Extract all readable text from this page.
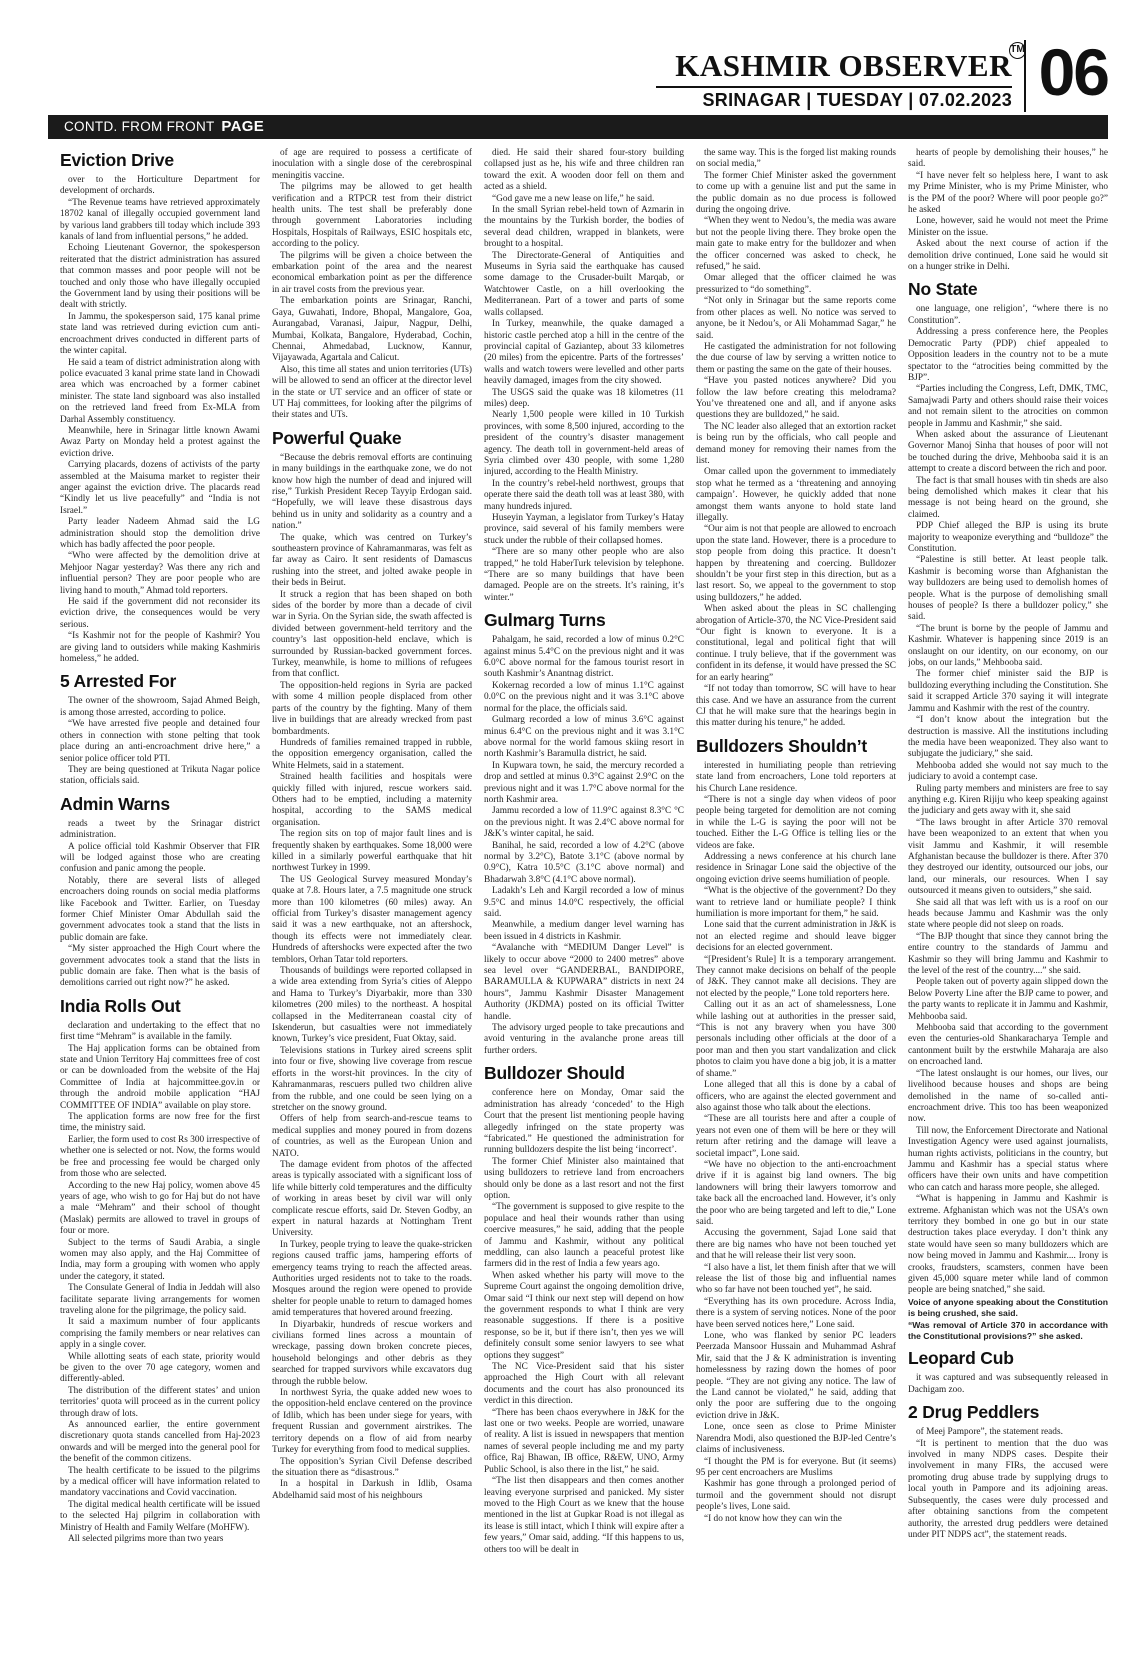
KASHMIR OBSERVER
TM
SRINAGAR | TUESDAY | 07.02.2023 06
CONTD. FROM FRONT PAGE
Eviction Drive

over to the Horticulture Department for development of orchards.

“The Revenue teams have retrieved approximately 18702 kanal of illegally occupied government land by various land grabbers till today which include 393 kanals of land from influential persons,” he added.

Echoing Lieutenant Governor, the spokesperson reiterated that the district administration has assured that common masses and poor people will not be touched and only those who have illegally occupied the Government land by using their positions will be dealt with strictly.

In Jammu, the spokesperson said, 175 kanal prime state land was retrieved during eviction cum anti- encroachment drives conducted in different parts of the winter capital.

He said a team of district administration along with police evacuated 3 kanal prime state land in Chowadi area which was encroached by a former cabinet minister. The state land signboard was also installed on the retrieved land freed from Ex-MLA from Darhal Assembly constituency.

Meanwhile, here in Srinagar little known Awami Awaz Party on Monday held a protest against the eviction drive.

Carrying placards, dozens of activists of the party assembled at the Maisuma market to register their anger against the eviction drive. The placards read “Kindly let us live peacefully” and “India is not Israel.”

Party leader Nadeem Ahmad said the LG administration should stop the demolition drive which has badly affected the poor people.

“Who were affected by the demolition drive at Mehjoor Nagar yesterday? Was there any rich and influential person? They are poor people who are living hand to mouth,” Ahmad told reporters.

He said if the government did not reconsider its eviction drive, the consequences would be very serious.

“Is Kashmir not for the people of Kashmir? You are giving land to outsiders while making Kashmiris homeless,” he added.

5 Arrested For

The owner of the showroom, Sajad Ahmed Beigh, is among those arrested, according to police.

“We have arrested five people and detained four others in connection with stone pelting that took place during an anti-encroachment drive here,” a senior police officer told PTI.

They are being questioned at Trikuta Nagar police station, officials said.

Admin Warns

reads a tweet by the Srinagar district administration.

A police official told Kashmir Observer that FIR will be lodged against those who are creating confusion and panic among the people.

Notably, there are several lists of alleged encroachers doing rounds on social media platforms like Facebook and Twitter. Earlier, on Tuesday former Chief Minister Omar Abdullah said the government advocates took a stand that the lists in public domain are fake.

“My sister approached the High Court where the government advocates took a stand that the lists in public domain are fake. Then what is the basis of demolitions carried out right now?” he asked.

India Rolls Out

declaration and undertaking to the effect that no first time “Mehram” is available in the family.

The Haj application forms can be obtained from state and Union Territory Haj committees free of cost or can be downloaded from the website of the Haj Committee of India at hajcommittee.gov.in or through the android mobile application “HAJ COMMITTEE OF INDIA” available on play store.

The application forms are now free for the first time, the ministry said.

Earlier, the form used to cost Rs 300 irrespective of whether one is selected or not. Now, the forms would be free and processing fee would be charged only from those who are selected.

According to the new Haj policy, women above 45 years of age, who wish to go for Haj but do not have a male “Mehram” and their school of thought (Maslak) permits are allowed to travel in groups of four or more.

Subject to the terms of Saudi Arabia, a single women may also apply, and the Haj Committee of India, may form a grouping with women who apply under the category, it stated.

The Consulate General of India in Jeddah will also facilitate separate living arrangements for women traveling alone for the pilgrimage, the policy said.

It said a maximum number of four applicants comprising the family members or near relatives can apply in a single cover.

While allotting seats of each state, priority would be given to the over 70 age category, women and differently-abled.

The distribution of the different states’ and union territories’ quota will proceed as in the current policy through draw of lots.

As announced earlier, the entire government discretionary quota stands cancelled from Haj-2023 onwards and will be merged into the general pool for the benefit of the common citizens.

The health certificate to be issued to the pilgrims by a medical officer will have information related to mandatory vaccinations and Covid vaccination.

The digital medical health certificate will be issued to the selected Haj pilgrim in collaboration with Ministry of Health and Family Welfare (MoHFW).

All selected pilgrims more than two years

of age are required to possess a certificate of inoculation with a single dose of the cerebrospinal meningitis vaccine.

The pilgrims may be allowed to get health verification and a RTPCR test from their district health units. The test shall be preferably done through government Laboratories including Hospitals, Hospitals of Railways, ESIC hospitals etc, according to the policy.

The pilgrims will be given a choice between the embarkation point of the area and the nearest economical embarkation point as per the difference in air travel costs from the previous year.

The embarkation points are Srinagar, Ranchi, Gaya, Guwahati, Indore, Bhopal, Mangalore, Goa, Aurangabad, Varanasi, Jaipur, Nagpur, Delhi, Mumbai, Kolkata, Bangalore, Hyderabad, Cochin, Chennai, Ahmedabad, Lucknow, Kannur, Vijayawada, Agartala and Calicut.

Also, this time all states and union territories (UTs) will be allowed to send an officer at the director level in the state or UT service and an officer of state or UT Haj committees, for looking after the pilgrims of their states and UTs.

Powerful Quake

“Because the debris removal efforts are continuing in many buildings in the earthquake zone, we do not know how high the number of dead and injured will rise,” Turkish President Recep Tayyip Erdogan said. “Hopefully, we will leave these disastrous days behind us in unity and solidarity as a country and a nation.”

The quake, which was centred on Turkey’s southeastern province of Kahramanmaras, was felt as far away as Cairo. It sent residents of Damascus rushing into the street, and jolted awake people in their beds in Beirut.

It struck a region that has been shaped on both sides of the border by more than a decade of civil war in Syria. On the Syrian side, the swath affected is divided between government-held territory and the country’s last opposition-held enclave, which is surrounded by Russian-backed government forces. Turkey, meanwhile, is home to millions of refugees from that conflict.

The opposition-held regions in Syria are packed with some 4 million people displaced from other parts of the country by the fighting. Many of them live in buildings that are already wrecked from past bombardments.

Hundreds of families remained trapped in rubble, the opposition emergency organisation, called the White Helmets, said in a statement.

Strained health facilities and hospitals were quickly filled with injured, rescue workers said. Others had to be emptied, including a maternity hospital, according to the SAMS medical organisation.

The region sits on top of major fault lines and is frequently shaken by earthquakes. Some 18,000 were killed in a similarly powerful earthquake that hit northwest Turkey in 1999.

The US Geological Survey measured Monday’s quake at 7.8. Hours later, a 7.5 magnitude one struck more than 100 kilometres (60 miles) away. An official from Turkey’s disaster management agency said it was a new earthquake, not an aftershock, though its effects were not immediately clear. Hundreds of aftershocks were expected after the two temblors, Orhan Tatar told reporters.

Thousands of buildings were reported collapsed in a wide area extending from Syria’s cities of Aleppo and Hama to Turkey’s Diyarbakir, more than 330 kilometres (200 miles) to the northeast. A hospital collapsed in the Mediterranean coastal city of Iskenderun, but casualties were not immediately known, Turkey’s vice president, Fuat Oktay, said.

Televisions stations in Turkey aired screens split into four or five, showing live coverage from rescue efforts in the worst-hit provinces. In the city of Kahramanmaras, rescuers pulled two children alive from the rubble, and one could be seen lying on a stretcher on the snowy ground.

Offers of help from search-and-rescue teams to medical supplies and money poured in from dozens of countries, as well as the European Union and NATO.

The damage evident from photos of the affected areas is typically associated with a significant loss of life while bitterly cold temperatures and the difficulty of working in areas beset by civil war will only complicate rescue efforts, said Dr. Steven Godby, an expert in natural hazards at Nottingham Trent University.

In Turkey, people trying to leave the quake-stricken regions caused traffic jams, hampering efforts of emergency teams trying to reach the affected areas. Authorities urged residents not to take to the roads. Mosques around the region were opened to provide shelter for people unable to return to damaged homes amid temperatures that hovered around freezing.

In Diyarbakir, hundreds of rescue workers and civilians formed lines across a mountain of wreckage, passing down broken concrete pieces, household belongings and other debris as they searched for trapped survivors while excavators dug through the rubble below.

In northwest Syria, the quake added new woes to the opposition-held enclave centered on the province of Idlib, which has been under siege for years, with frequent Russian and government airstrikes. The territory depends on a flow of aid from nearby Turkey for everything from food to medical supplies.

The opposition’s Syrian Civil Defense described the situation there as “disastrous.”

In a hospital in Darkush in Idlib, Osama Abdelhamid said most of his neighbours

died. He said their shared four-story building collapsed just as he, his wife and three children ran toward the exit. A wooden door fell on them and acted as a shield.

“God gave me a new lease on life,” he said.

In the small Syrian rebel-held town of Azmarin in the mountains by the Turkish border, the bodies of several dead children, wrapped in blankets, were brought to a hospital.

The Directorate-General of Antiquities and Museums in Syria said the earthquake has caused some damage to the Crusader-built Marqab, or Watchtower Castle, on a hill overlooking the Mediterranean. Part of a tower and parts of some walls collapsed.

In Turkey, meanwhile, the quake damaged a historic castle perched atop a hill in the centre of the provincial capital of Gaziantep, about 33 kilometres (20 miles) from the epicentre. Parts of the fortresses’ walls and watch towers were levelled and other parts heavily damaged, images from the city showed.

The USGS said the quake was 18 kilometres (11 miles) deep.

Nearly 1,500 people were killed in 10 Turkish provinces, with some 8,500 injured, according to the president of the country’s disaster management agency. The death toll in government-held areas of Syria climbed over 430 people, with some 1,280 injured, according to the Health Ministry.

In the country’s rebel-held northwest, groups that operate there said the death toll was at least 380, with many hundreds injured.

Huseyin Yayman, a legislator from Turkey’s Hatay province, said several of his family members were stuck under the rubble of their collapsed homes.

“There are so many other people who are also trapped,” he told HaberTurk television by telephone. “There are so many buildings that have been damaged. People are on the streets. It’s raining, it’s winter.”

Gulmarg Turns

Pahalgam, he said, recorded a low of minus 0.2°C against minus 5.4°C on the previous night and it was 6.0°C above normal for the famous tourist resort in south Kashmir’s Anantnag district.

Kokernag recorded a low of minus 1.1°C against 0.0°C on the previous night and it was 3.1°C above normal for the place, the officials said.

Gulmarg recorded a low of minus 3.6°C against minus 6.4°C on the previous night and it was 3.1°C above normal for the world famous skiing resort in north Kashmir’s Baramulla district, he said.

In Kupwara town, he said, the mercury recorded a drop and settled at minus 0.3°C against 2.9°C on the previous night and it was 1.7°C above normal for the north Kashmir area.

Jammu recorded a low of 11.9°C against 8.3°C °C on the previous night. It was 2.4°C above normal for J&K’s winter capital, he said.

Banihal, he said, recorded a low of 4.2°C (above normal by 3.2°C), Batote 3.1°C (above normal by 0.9°C), Katra 10.5°C (3.1°C above normal) and Bhadarwah 3.8°C (4.1°C above normal).

Ladakh’s Leh and Kargil recorded a low of minus 9.5°C and minus 14.0°C respectively, the official said.

Meanwhile, a medium danger level warning has been issued in 4 districts in Kashmir.

“Avalanche with “MEDIUM Danger Level” is likely to occur above “2000 to 2400 metres” above sea level over “GANDERBAL, BANDIPORE, BARAMULLA & KUPWARA” districts in next 24 hours”, Jammu Kashmir Disaster Management Authority (JKDMA) posted on its official Twitter handle.

The advisory urged people to take precautions and avoid venturing in the avalanche prone areas till further orders.

Bulldozer Should

conference here on Monday, Omar said the administration has already ‘conceded’ to the High Court that the present list mentioning people having allegedly infringed on the state property was “fabricated.” He questioned the administration for running bulldozers despite the list being ‘incorrect’.

The former Chief Minister also maintained that using bulldozers to retrieve land from encroachers should only be done as a last resort and not the first option.

“The government is supposed to give respite to the populace and heal their wounds rather than using coercive measures,” he said, adding that the people of Jammu and Kashmir, without any political meddling, can also launch a peaceful protest like farmers did in the rest of India a few years ago.

When asked whether his party will move to the Supreme Court against the ongoing demolition drive, Omar said “I think our next step will depend on how the government responds to what I think are very reasonable suggestions. If there is a positive response, so be it, but if there isn’t, then yes we will definitely consult some senior lawyers to see what options they suggest”

The NC Vice-President said that his sister approached the High Court with all relevant documents and the court has also pronounced its verdict in this direction.

“There has been chaos everywhere in J&K for the last one or two weeks. People are worried, unaware of reality. A list is issued in newspapers that mention names of several people including me and my party office, Raj Bhawan, IB office, R&EW, UNO, Army Public School, is also there in the list,” he said.

“The list then disappears and then comes another leaving everyone surprised and panicked. My sister moved to the High Court as we knew that the house mentioned in the list at Gupkar Road is not illegal as its lease is still intact, which I think will expire after a few years,” Omar said, adding. “If this happens to us, others too will be dealt in

the same way. This is the forged list making rounds on social media,”

The former Chief Minister asked the government to come up with a genuine list and put the same in the public domain as no due process is followed during the ongoing drive.

“When they went to Nedou’s, the media was aware but not the people living there. They broke open the main gate to make entry for the bulldozer and when the officer concerned was asked to check, he refused,” he said.

Omar alleged that the officer claimed he was pressurized to “do something”.

“Not only in Srinagar but the same reports come from other places as well. No notice was served to anyone, be it Nedou’s, or Ali Mohammad Sagar,” he said.

He castigated the administration for not following the due course of law by serving a written notice to them or pasting the same on the gate of their houses.

“Have you pasted notices anywhere? Did you follow the law before creating this melodrama? You’ve threatened one and all, and if anyone asks questions they are bulldozed,” he said.

The NC leader also alleged that an extortion racket is being run by the officials, who call people and demand money for removing their names from the list.

Omar called upon the government to immediately stop what he termed as a ‘threatening and annoying campaign’. However, he quickly added that none amongst them wants anyone to hold state land illegally.

“Our aim is not that people are allowed to encroach upon the state land. However, there is a procedure to stop people from doing this practice. It doesn’t happen by threatening and coercing. Bulldozer shouldn’t be your first step in this direction, but as a last resort. So, we appeal to the government to stop using bulldozers,” he added.

When asked about the pleas in SC challenging abrogation of Article-370, the NC Vice-President said “Our fight is known to everyone. It is a constitutional, legal and political fight that will continue. I truly believe, that if the government was confident in its defense, it would have pressed the SC for an early hearing”

“If not today than tomorrow, SC will have to hear this case. And we have an assurance from the current CJ that he will make sure that the hearings begin in this matter during his tenure,” he added.

Bulldozers Shouldn’t

interested in humiliating people than retrieving state land from encroachers, Lone told reporters at his Church Lane residence.

“There is not a single day when videos of poor people being targeted for demolition are not coming in while the L-G is saying the poor will not be touched. Either the L-G Office is telling lies or the videos are fake.

Addressing a news conference at his church lane residence in Srinagar Lone said the objective of the ongoing eviction drive seems humiliation of people.

“What is the objective of the government? Do they want to retrieve land or humiliate people? I think humiliation is more important for them,” he said.

Lone said that the current administration in J&K is not an elected regime and should leave bigger decisions for an elected government.

“[President’s Rule] It is a temporary arrangement. They cannot make decisions on behalf of the people of J&K. They cannot make all decisions. They are not elected by the people,” Lone told reporters here.

Calling out it as an act of shamelessness, Lone while lashing out at authorities in the presser said, “This is not any bravery when you have 300 personals including other officials at the door of a poor man and then you start vandalization and click photos to claim you have done a big job, it is a matter of shame.”

Lone alleged that all this is done by a cabal of officers, who are against the elected government and also against those who talk about the elections.

“These are all tourists here and after a couple of years not even one of them will be here or they will return after retiring and the damage will leave a societal impact”, Lone said.

“We have no objection to the anti-encroachment drive if it is against big land owners. The big landowners will bring their lawyers tomorrow and take back all the encroached land. However, it’s only the poor who are being targeted and left to die,” Lone said.

Accusing the government, Sajad Lone said that there are big names who have not been touched yet and that he will release their list very soon.

“I also have a list, let them finish after that we will release the list of those big and influential names who so far have not been touched yet”, he said.

“Everything has its own procedure. Across India, there is a system of serving notices. None of the poor have been served notices here,” Lone said.

Lone, who was flanked by senior PC leaders Peerzada Mansoor Hussain and Muhammad Ashraf Mir, said that the J & K administration is inventing homelessness by razing down the homes of poor people. “They are not giving any notice. The law of the Land cannot be violated,” he said, adding that only the poor are suffering due to the ongoing eviction drive in J&K.

Lone, once seen as close to Prime Minister Narendra Modi, also questioned the BJP-led Centre’s claims of inclusiveness.

“I thought the PM is for everyone. But (it seems) 95 per cent encroachers are Muslims

Kashmir has gone through a prolonged period of turmoil and the government should not disrupt people’s lives, Lone said.

“I do not know how they can win the

hearts of people by demolishing their houses,” he said.

“I have never felt so helpless here, I want to ask my Prime Minister, who is my Prime Minister, who is the PM of the poor? Where will poor people go?” he asked

Lone, however, said he would not meet the Prime Minister on the issue.

Asked about the next course of action if the demolition drive continued, Lone said he would sit on a hunger strike in Delhi.

No State

one language, one religion’, “where there is no Constitution”.

Addressing a press conference here, the Peoples Democratic Party (PDP) chief appealed to Opposition leaders in the country not to be a mute spectator to the “atrocities being committed by the BJP”.

“Parties including the Congress, Left, DMK, TMC, Samajwadi Party and others should raise their voices and not remain silent to the atrocities on common people in Jammu and Kashmir,” she said.

When asked about the assurance of Lieutenant Governor Manoj Sinha that houses of poor will not be touched during the drive, Mehbooba said it is an attempt to create a discord between the rich and poor.

The fact is that small houses with tin sheds are also being demolished which makes it clear that his message is not being heard on the ground, she claimed.

PDP Chief alleged the BJP is using its brute majority to weaponize everything and “bulldoze” the Constitution.

“Palestine is still better. At least people talk. Kashmir is becoming worse than Afghanistan the way bulldozers are being used to demolish homes of people. What is the purpose of demolishing small houses of people? Is there a bulldozer policy,” she said.

“The brunt is borne by the people of Jammu and Kashmir. Whatever is happening since 2019 is an onslaught on our identity, on our economy, on our jobs, on our lands,” Mehbooba said.

The former chief minister said the BJP is bulldozing everything including the Constitution. She said it scrapped Article 370 saying it will integrate Jammu and Kashmir with the rest of the country.

“I don’t know about the integration but the destruction is massive. All the institutions including the media have been weaponized. They also want to subjugate the judiciary,” she said.

Mehbooba added she would not say much to the judiciary to avoid a contempt case.

Ruling party members and ministers are free to say anything e.g. Kiren Rijiju who keep speaking against the judiciary and gets away with it, she said

“The laws brought in after Article 370 removal have been weaponized to an extent that when you visit Jammu and Kashmir, it will resemble Afghanistan because the bulldozer is there. After 370 they destroyed our identity, outsourced our jobs, our land, our minerals, our resources. When I say outsourced it means given to outsiders,” she said.

She said all that was left with us is a roof on our heads because Jammu and Kashmir was the only state where people did not sleep on roads.

“The BJP thought that since they cannot bring the entire country to the standards of Jammu and Kashmir so they will bring Jammu and Kashmir to the level of the rest of the country....” she said.

People taken out of poverty again slipped down the Below Poverty Line after the BJP came to power, and the party wants to replicate it in Jammu and Kashmir, Mehbooba said.

Mehbooba said that according to the government even the centuries-old Shankaracharya Temple and cantonment built by the erstwhile Maharaja are also on encroached land.

“The latest onslaught is our homes, our lives, our livelihood because houses and shops are being demolished in the name of so-called anti-encroachment drive. This too has been weaponized now.

Till now, the Enforcement Directorate and National Investigation Agency were used against journalists, human rights activists, politicians in the country, but Jammu and Kashmir has a special status where officers have their own units and have competition who can catch and harass more people, she alleged.

“What is happening in Jammu and Kashmir is extreme. Afghanistan which was not the USA’s own territory they bombed in one go but in our state destruction takes place everyday. I don’t think any state would have seen so many bulldozers which are now being moved in Jammu and Kashmir.... Irony is crooks, fraudsters, scamsters, conmen have been given 45,000 square meter while land of common people are being snatched,” she said.

Voice of anyone speaking about the Constitution is being crushed, she said.

“Was removal of Article 370 in accordance with the Constitutional provisions?” she asked.

Leopard Cub

it was captured and was subsequently released in Dachigam zoo.

2 Drug Peddlers

of Meej Pampore”, the statement reads.

“It is pertinent to mention that the duo was involved in many NDPS cases. Despite their involvement in many FIRs, the accused were promoting drug abuse trade by supplying drugs to local youth in Pampore and its adjoining areas. Subsequently, the cases were duly processed and after obtaining sanctions from the competent authority, the arrested drug peddlers were detained under PIT NDPS act”, the statement reads.
